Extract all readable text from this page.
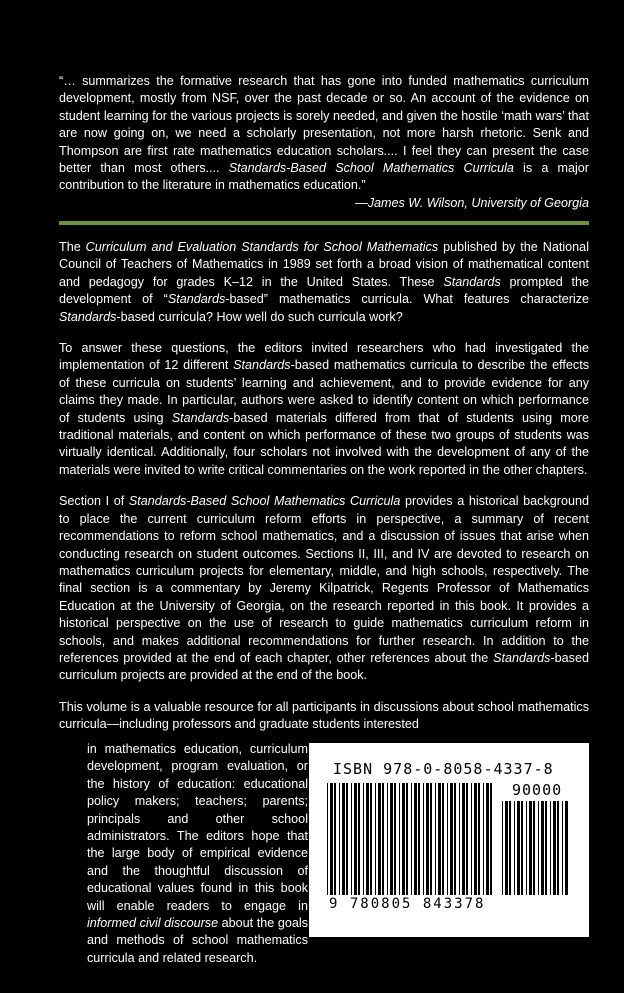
“… summarizes the formative research that has gone into funded mathematics curriculum development, mostly from NSF, over the past decade or so. An account of the evidence on student learning for the various projects is sorely needed, and given the hostile ‘math wars’ that are now going on, we need a scholarly presentation, not more harsh rhetoric. Senk and Thompson are first rate mathematics education scholars.... I feel they can present the case better than most others.... Standards-Based School Mathematics Curricula is a major contribution to the literature in mathematics education.”

—James W. Wilson, University of Georgia

The Curriculum and Evaluation Standards for School Mathematics published by the National Council of Teachers of Mathematics in 1989 set forth a broad vision of mathematical content and pedagogy for grades K–12 in the United States. These Standards prompted the development of “Standards-based” mathematics curricula. What features characterize Standards-based curricula? How well do such curricula work?

To answer these questions, the editors invited researchers who had investigated the implementation of 12 different Standards-based mathematics curricula to describe the effects of these curricula on students’ learning and achievement, and to provide evidence for any claims they made. In particular, authors were asked to identify content on which performance of students using Standards-based materials differed from that of students using more traditional materials, and content on which performance of these two groups of students was virtually identical. Additionally, four scholars not involved with the development of any of the materials were invited to write critical commentaries on the work reported in the other chapters.

Section I of Standards-Based School Mathematics Curricula provides a historical background to place the current curriculum reform efforts in perspective, a summary of recent recommendations to reform school mathematics, and a discussion of issues that arise when conducting research on student outcomes. Sections II, III, and IV are devoted to research on mathematics curriculum projects for elementary, middle, and high schools, respectively. The final section is a commentary by Jeremy Kilpatrick, Regents Professor of Mathematics Education at the University of Georgia, on the research reported in this book. It provides a historical perspective on the use of research to guide mathematics curriculum reform in schools, and makes additional recommendations for further research. In addition to the references provided at the end of each chapter, other references about the Standards-based curriculum projects are provided at the end of the book.

This volume is a valuable resource for all participants in discussions about school mathematics curricula—including professors and graduate students interested

in mathematics education, curriculum development, program evaluation, or the history of education: educational policy makers; teachers; parents; principals and other school administrators. The editors hope that the large body of empirical evidence and the thoughtful discussion of educational values found in this book will enable readers to engage in informed civil discourse about the goals and methods of school mathematics curricula and related research.
ISBN 978-0-8058-4337-8
90000
9 780805 843378
